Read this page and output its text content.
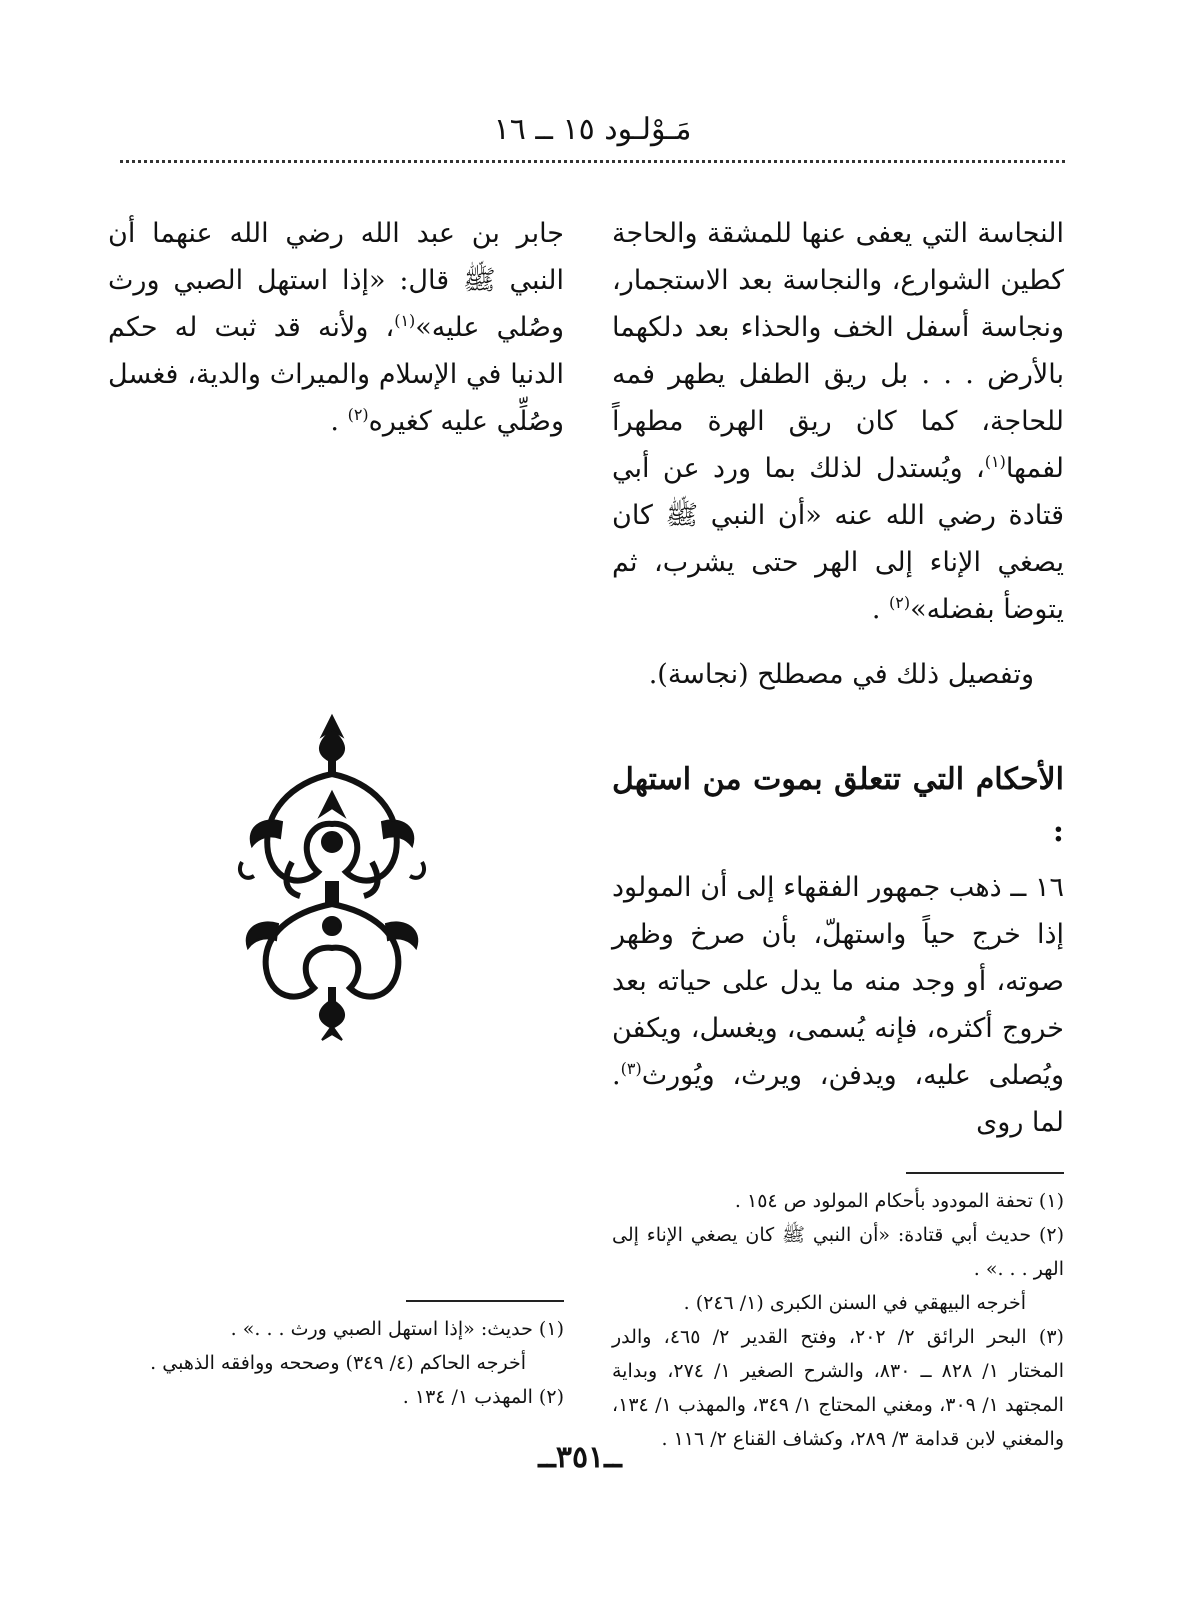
مَـوْلـود ١٥ ــ ١٦

النجاسة التي يعفى عنها للمشقة والحاجة كطين الشوارع، والنجاسة بعد الاستجمار، ونجاسة أسفل الخف والحذاء بعد دلكهما بالأرض . . . بل ريق الطفل يطهر فمه للحاجة، كما كان ريق الهرة مطهراً لفمها$^{(١)}$، ويُستدل لذلك بما ورد عن أبي قتادة رضي الله عنه «أن النبي ﷺ كان يصغي الإناء إلى الهر حتى يشرب، ثم يتوضأ بفضله»$^{(٢)}$ .

وتفصيل ذلك في مصطلح (نجاسة).

الأحكام التي تتعلق بموت من استهل :

١٦ ــ ذهب جمهور الفقهاء إلى أن المولود إذا خرج حياً واستهلّ، بأن صرخ وظهر صوته، أو وجد منه ما يدل على حياته بعد خروج أكثره، فإنه يُسمى، ويغسل، ويكفن ويُصلى عليه، ويدفن، ويرث، ويُورث$^{(٣)}$. لما روى

(١) تحفة المودود بأحكام المولود ص ١٥٤ .

(٢) حديث أبي قتادة: «أن النبي ﷺ كان يصغي الإناء إلى الهر . . .» .

أخرجه البيهقي في السنن الكبرى (١/ ٢٤٦) .

(٣) البحر الرائق ٢/ ٢٠٢، وفتح القدير ٢/ ٤٦٥، والدر المختار ١/ ٨٢٨ ــ ٨٣٠، والشرح الصغير ١/ ٢٧٤، وبداية المجتهد ١/ ٣٠٩، ومغني المحتاج ١/ ٣٤٩، والمهذب ١/ ١٣٤، والمغني لابن قدامة ٣/ ٢٨٩، وكشاف القناع ٢/ ١١٦ .

جابر بن عبد الله رضي الله عنهما أن النبي ﷺ قال: «إذا استهل الصبي ورث وصُلي عليه»$^{(١)}$، ولأنه قد ثبت له حكم الدنيا في الإسلام والميراث والدية، فغسل وصُلِّي عليه كغيره$^{(٢)}$ .

(١) حديث: «إذا استهل الصبي ورث . . .» .

أخرجه الحاكم (٤/ ٣٤٩) وصححه ووافقه الذهبي .

(٢) المهذب ١/ ١٣٤ .

ــ٣٥١ــ
